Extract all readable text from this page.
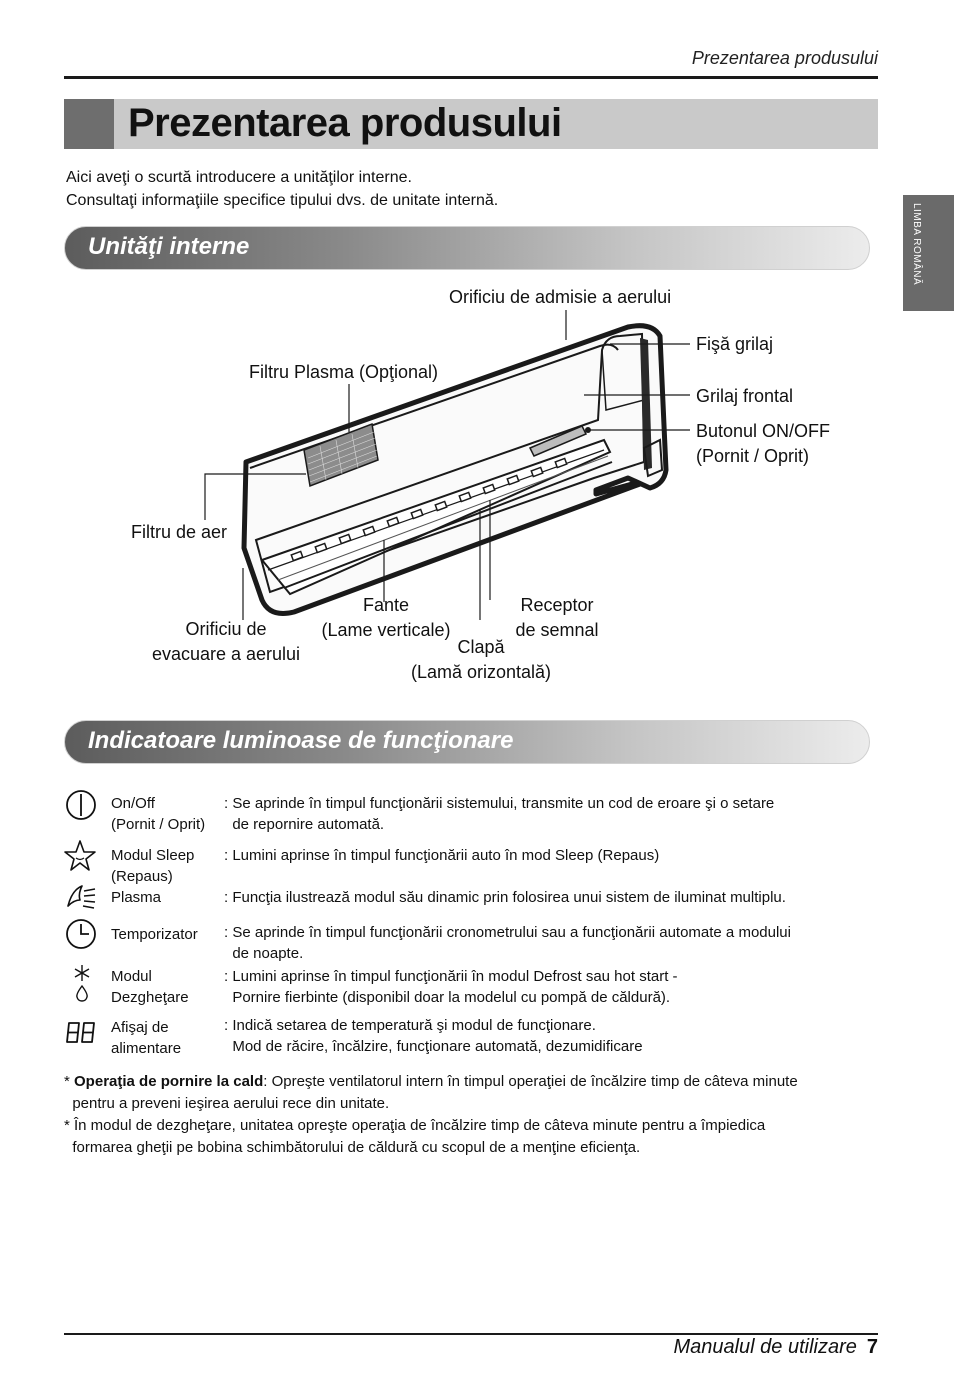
Prezentarea produsului
Prezentarea produsului
LIMBA ROMÂNĂ
Aici aveţi o scurtă introducere a unităţilor interne.
Consultaţi informaţiile specifice tipului dvs. de unitate internă.
Unităţi interne
Orificiu de admisie a aerului
Fişă grilaj
Filtru Plasma (Opţional)
Grilaj frontal
Butonul ON/OFF
(Pornit / Oprit)
Filtru de aer
Fante
(Lame verticale)
Receptor
de semnal
Orificiu de
evacuare a aerului	Clapă
(Lamă orizontală)
Indicatoare luminoase de funcţionare
On/Off
(Pornit / Oprit)
: Se aprinde în timpul funcţionării sistemului, transmite un cod de eroare şi o setare
de repornire automată.
Modul Sleep
(Repaus)
: Lumini aprinse în timpul funcţionării auto în mod Sleep (Repaus)
Plasma	: Funcţia ilustrează modul său dinamic prin folosirea unui sistem de iluminat multiplu.
Temporizator : Se aprinde în timpul funcţionării cronometrului sau a funcţionării automate a modului
de noapte.
Modul
Dezgheţare
: Lumini aprinse în timpul funcţionării în modul Defrost sau hot start -
Pornire fierbinte (disponibil doar la modelul cu pompă de căldură).
Afişaj de
alimentare
: Indică setarea de temperatură şi modul de funcţionare.
Mod de răcire, încălzire, funcţionare automată, dezumidificare
* Operaţia de pornire la cald: Opreşte ventilatorul intern în timpul operaţiei de încălzire timp de câteva minute
pentru a preveni ieşirea aerului rece din unitate.
* În modul de dezgheţare, unitatea opreşte operaţia de încălzire timp de câteva minute pentru a împiedica
formarea gheţii pe bobina schimbătorului de căldură cu scopul de a menţine eficienţa.
Manualul de utilizare 7
